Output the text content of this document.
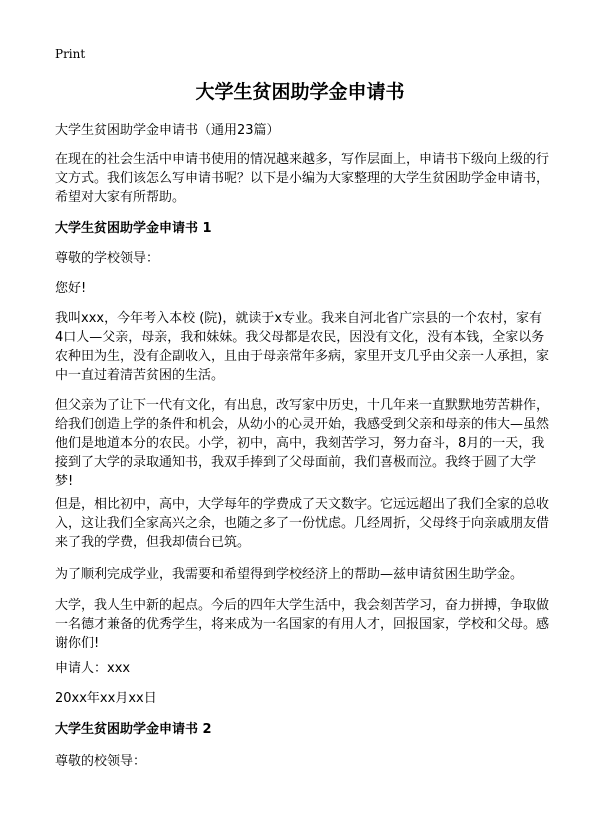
Print
大学生贫困助学金申请书

大学生贫困助学金申请书（通用23篇）

在现在的社会生活中申请书使用的情况越来越多，写作层面上，申请书下级向上级的行文方式。我们该怎么写申请书呢？以下是小编为大家整理的大学生贫困助学金申请书，希望对大家有所帮助。

大学生贫困助学金申请书 1

尊敬的学校领导：

您好!

我叫xxx，今年考入本校 (院)，就读于x专业。我来自河北省广宗县的一个农村，家有4口人—父亲，母亲，我和妹妹。我父母都是农民，因没有文化，没有本钱，全家以务农种田为生，没有企副收入，且由于母亲常年多病，家里开支几乎由父亲一人承担，家中一直过着清苦贫困的生活。

但父亲为了让下一代有文化，有出息，改写家中历史，十几年来一直默默地劳苦耕作，给我们创造上学的条件和机会，从幼小的心灵开始，我感受到父亲和母亲的伟大—虽然他们是地道本分的农民。小学，初中，高中，我刻苦学习，努力奋斗，8月的一天，我接到了大学的录取通知书，我双手捧到了父母面前，我们喜极而泣。我终于圆了大学梦!

但是，相比初中，高中，大学每年的学费成了天文数字。它远远超出了我们全家的总收入，这让我们全家高兴之余，也随之多了一份忧虑。几经周折，父母终于向亲戚朋友借来了我的学费，但我却债台已筑。

为了顺利完成学业，我需要和希望得到学校经济上的帮助—兹申请贫困生助学金。

大学，我人生中新的起点。今后的四年大学生活中，我会刻苦学习，奋力拼搏，争取做一名德才兼备的优秀学生，将来成为一名国家的有用人才，回报国家，学校和父母。感谢你们!

申请人：xxx

20xx年xx月xx日

大学生贫困助学金申请书 2

尊敬的校领导：
